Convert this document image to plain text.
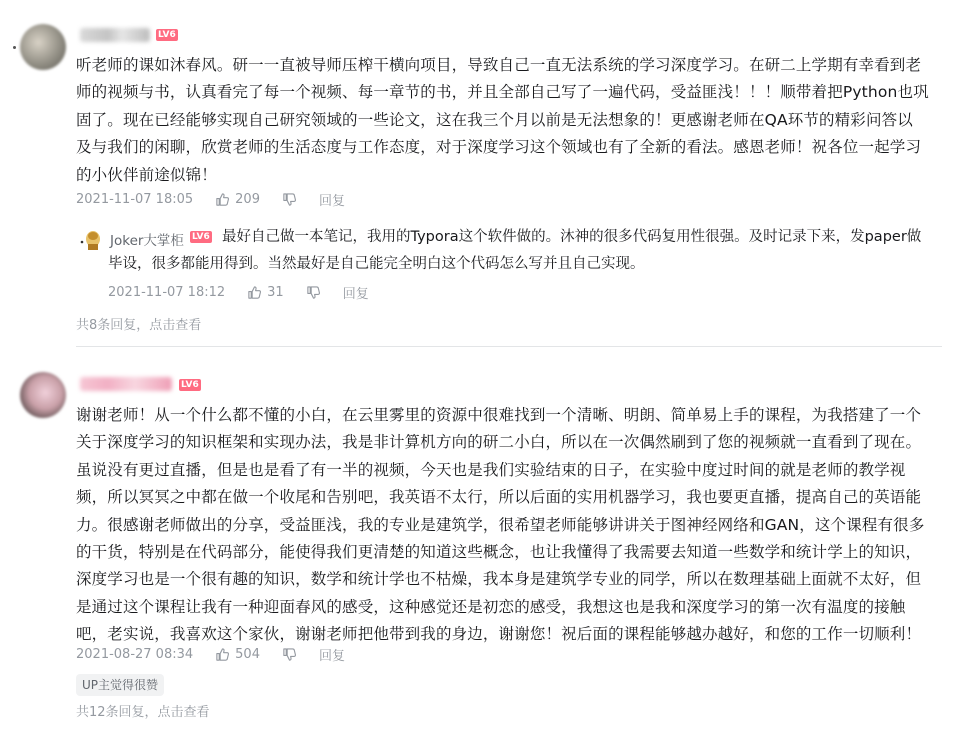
LV6
听老师的课如沐春风。研一一直被导师压榨干横向项目，导致自己一直无法系统的学习深度学习。在研二上学期有幸看到老
师的视频与书，认真看完了每一个视频、每一章节的书，并且全部自己写了一遍代码，受益匪浅！！！顺带着把Python也巩
固了。现在已经能够实现自己研究领域的一些论文，这在我三个月以前是无法想象的！更感谢老师在QA环节的精彩问答以
及与我们的闲聊，欣赏老师的生活态度与工作态度，对于深度学习这个领域也有了全新的看法。感恩老师！祝各位一起学习
的小伙伴前途似锦！
2021-11-07 18:05	209	回复
Joker大掌柜 LV6 最好自己做一本笔记，我用的Typora这个软件做的。沐神的很多代码复用性很强。及时记录下来，发paper做
毕设，很多都能用得到。当然最好是自己能完全明白这个代码怎么写并且自己实现。
2021-11-07 18:12	31	回复
共8条回复，点击查看
LV6
谢谢老师！从一个什么都不懂的小白，在云里雾里的资源中很难找到一个清晰、明朗、简单易上手的课程，为我搭建了一个
关于深度学习的知识框架和实现办法，我是非计算机方向的研二小白，所以在一次偶然刷到了您的视频就一直看到了现在。
虽说没有更过直播，但是也是看了有一半的视频，今天也是我们实验结束的日子，在实验中度过时间的就是老师的教学视
频，所以冥冥之中都在做一个收尾和告别吧，我英语不太行，所以后面的实用机器学习，我也要更直播，提高自己的英语能
力。很感谢老师做出的分享，受益匪浅，我的专业是建筑学，很希望老师能够讲讲关于图神经网络和GAN，这个课程有很多
的干货，特别是在代码部分，能使得我们更清楚的知道这些概念，也让我懂得了我需要去知道一些数学和统计学上的知识，
深度学习也是一个很有趣的知识，数学和统计学也不枯燥，我本身是建筑学专业的同学，所以在数理基础上面就不太好，但
是通过这个课程让我有一种迎面春风的感受，这种感觉还是初恋的感受，我想这也是我和深度学习的第一次有温度的接触
吧，老实说，我喜欢这个家伙，谢谢老师把他带到我的身边，谢谢您！祝后面的课程能够越办越好，和您的工作一切顺利！
2021-08-27 08:34	504	回复
UP主觉得很赞
共12条回复，点击查看
